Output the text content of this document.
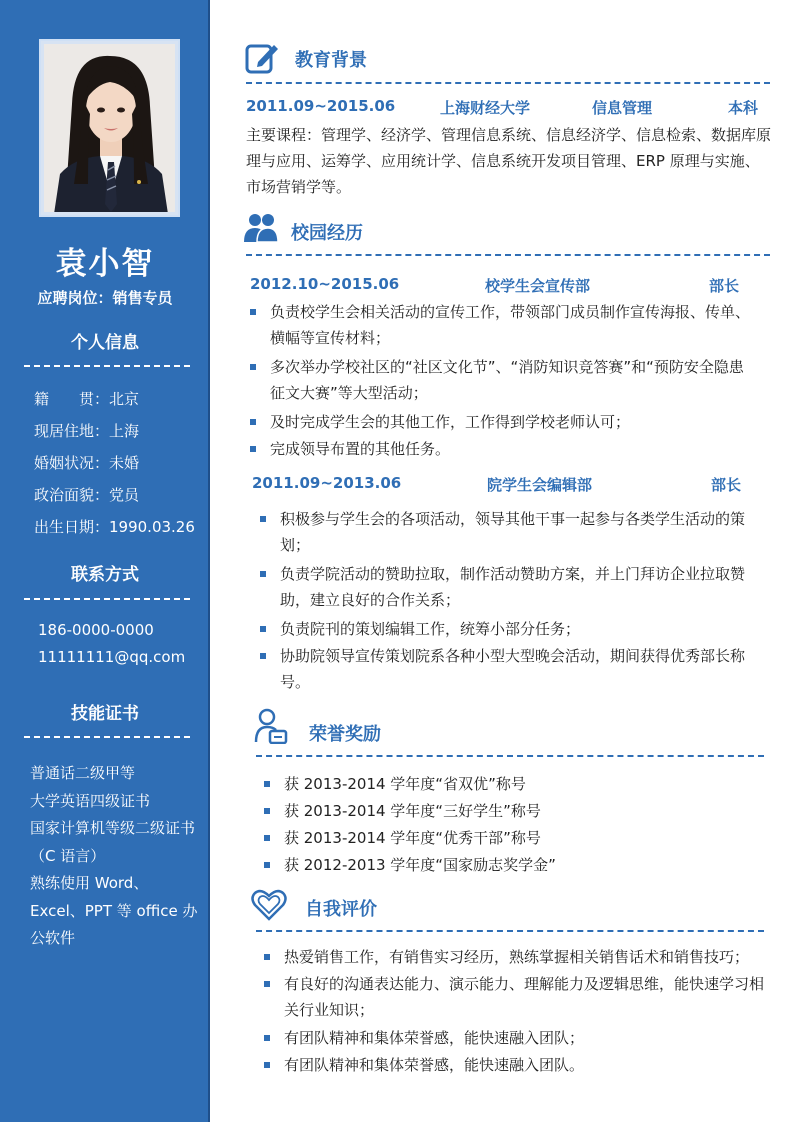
袁小智
应聘岗位：销售专员
个人信息
籍　　贯：北京
现居住地：上海
婚姻状况：未婚
政治面貌：党员
出生日期：1990.03.26
联系方式
186-0000-0000
11111111@qq.com
技能证书
普通话二级甲等
大学英语四级证书
国家计算机等级二级证书（C 语言）
熟练使用 Word、Excel、PPT 等 office 办公软件
教育背景
2011.09~2015.06	上海财经大学	信息管理	本科
主要课程：管理学、经济学、管理信息系统、信息经济学、信息检索、数据库原理与应用、运筹学、应用统计学、信息系统开发项目管理、ERP 原理与实施、市场营销学等。
校园经历
2012.10~2015.06	校学生会宣传部	部长
负责校学生会相关活动的宣传工作，带领部门成员制作宣传海报、传单、横幅等宣传材料；
多次举办学校社区的“社区文化节”、“消防知识竞答赛”和“预防安全隐患征文大赛”等大型活动；
及时完成学生会的其他工作，工作得到学校老师认可；
完成领导布置的其他任务。
2011.09~2013.06	院学生会编辑部	部长
积极参与学生会的各项活动，领导其他干事一起参与各类学生活动的策划；
负责学院活动的赞助拉取，制作活动赞助方案，并上门拜访企业拉取赞助，建立良好的合作关系；
负责院刊的策划编辑工作，统筹小部分任务；
协助院领导宣传策划院系各种小型大型晚会活动，期间获得优秀部长称号。
荣誉奖励
获 2013-2014 学年度“省双优”称号
获 2013-2014 学年度“三好学生”称号
获 2013-2014 学年度“优秀干部”称号
获 2012-2013 学年度“国家励志奖学金”
自我评价
热爱销售工作，有销售实习经历，熟练掌握相关销售话术和销售技巧；
有良好的沟通表达能力、演示能力、理解能力及逻辑思维，能快速学习相关行业知识；
有团队精神和集体荣誉感，能快速融入团队；
有团队精神和集体荣誉感，能快速融入团队。
